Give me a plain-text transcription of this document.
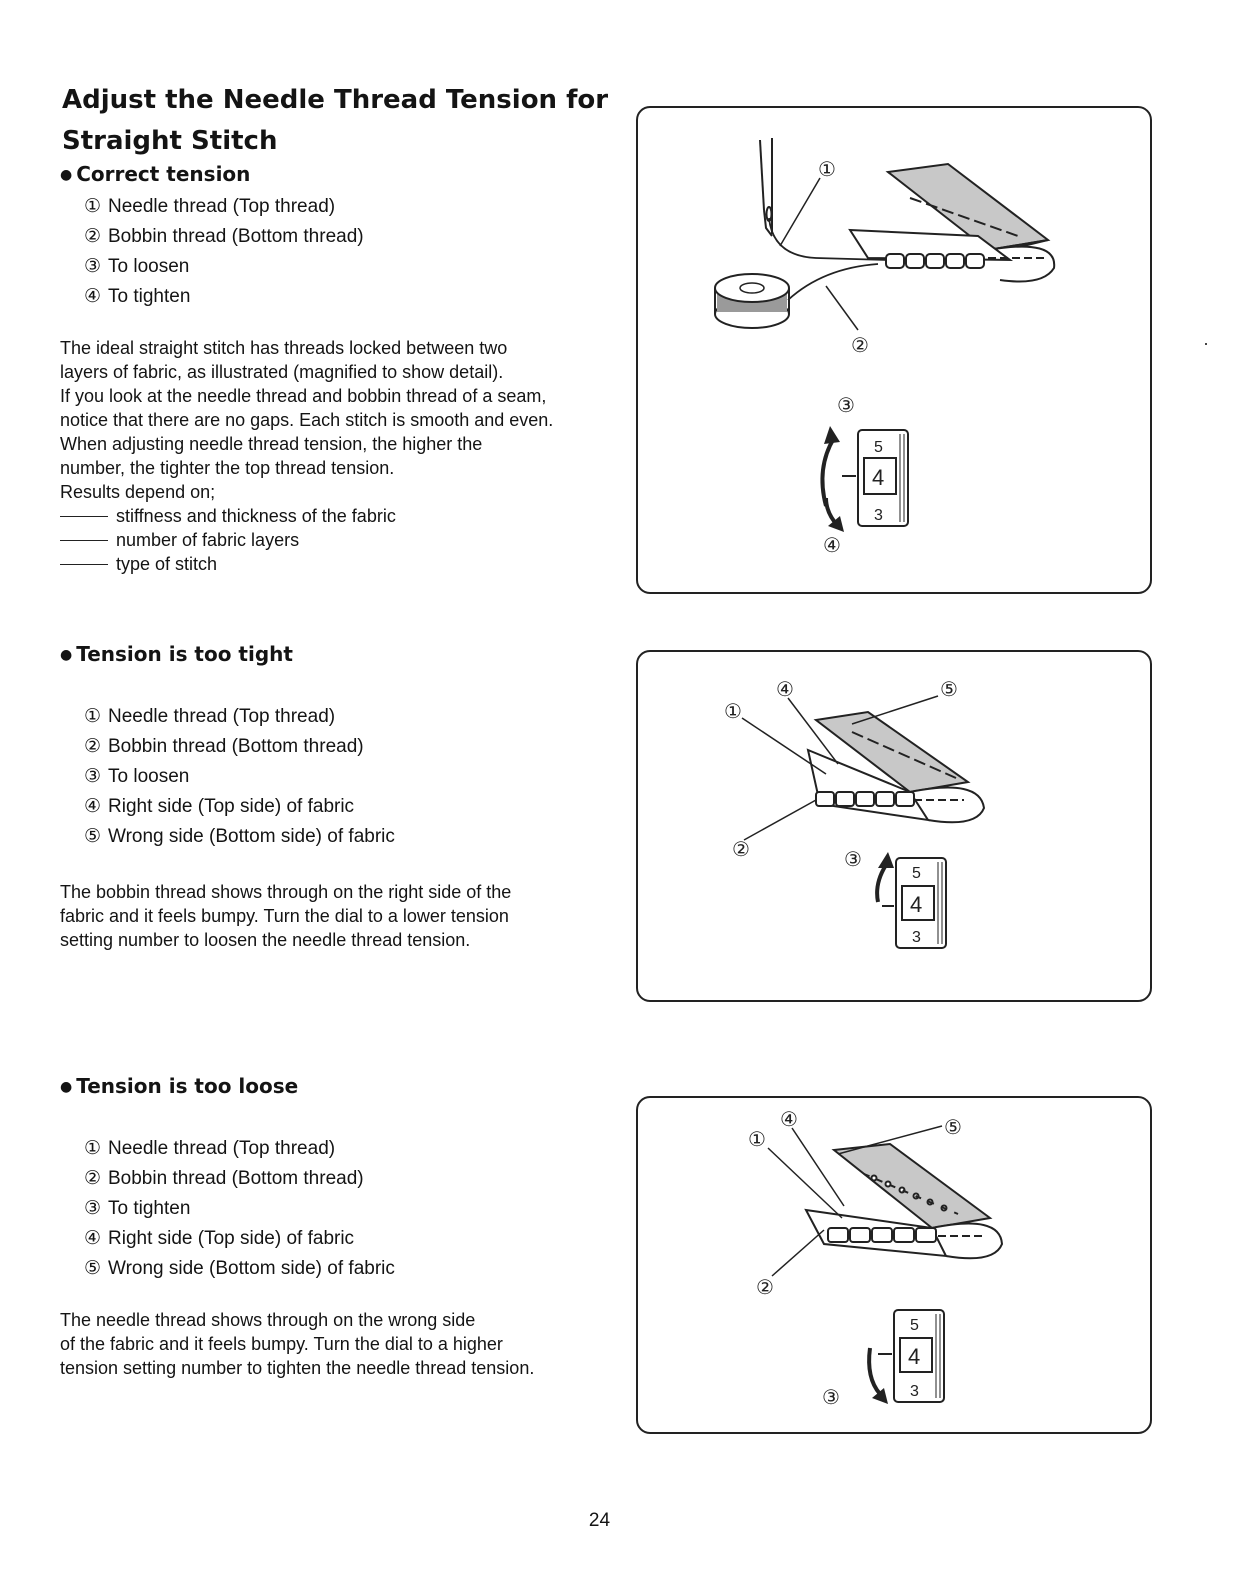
Adjust the Needle Thread Tension for Straight Stitch
● Correct tension
① Needle thread (Top thread)
② Bobbin thread (Bottom thread)
③ To loosen
④ To tighten
The ideal straight stitch has threads locked between two
layers of fabric, as illustrated (magnified to show detail).
If you look at the needle thread and bobbin thread of a seam,
notice that there are no gaps. Each stitch is smooth and even.
When adjusting needle thread tension, the higher the
number, the tighter the top thread tension.
Results depend on;
stiffness and thickness of the fabric
number of fabric layers
type of stitch
①
②
③
④
5
4
3
● Tension is too tight
① Needle thread (Top thread)
② Bobbin thread (Bottom thread)
③ To loosen
④ Right side (Top side) of fabric
⑤ Wrong side (Bottom side) of fabric
The bobbin thread shows through on the right side of the
fabric and it feels bumpy. Turn the dial to a lower tension
setting number to loosen the needle thread tension.
①
②	③
④	⑤
5
4
3
● Tension is too loose
① Needle thread (Top thread)
② Bobbin thread (Bottom thread)
③ To tighten
④ Right side (Top side) of fabric
⑤ Wrong side (Bottom side) of fabric
The needle thread shows through on the wrong side
of the fabric and it feels bumpy. Turn the dial to a higher
tension setting number to tighten the needle thread tension.
①
②
③
④	⑤
5
4
3
24
